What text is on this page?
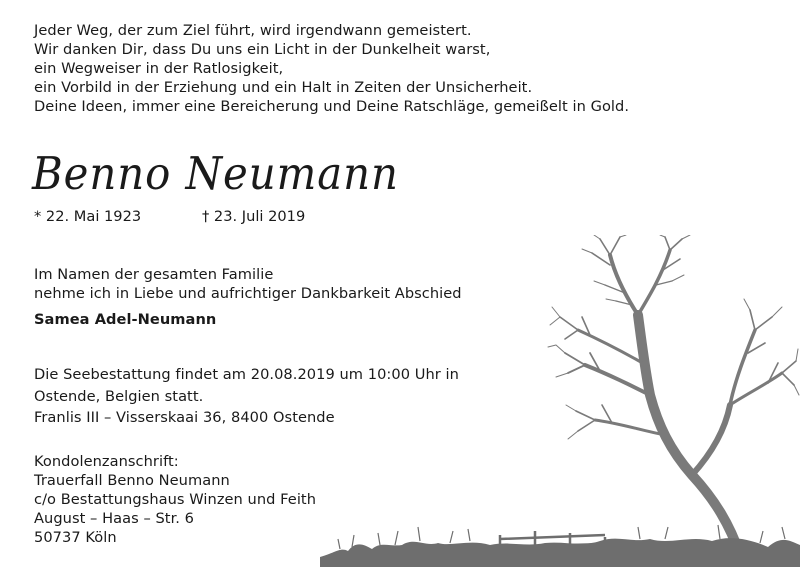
Jeder Weg, der zum Ziel führt, wird irgendwann gemeistert.
Wir danken Dir, dass Du uns ein Licht in der Dunkelheit warst,
ein Wegweiser in der Ratlosigkeit,
ein Vorbild in der Erziehung und ein Halt in Zeiten der Unsicherheit.
Deine Ideen, immer eine Bereicherung und Deine Ratschläge, gemeißelt in Gold.
Benno Neumann
* 22. Mai 1923	† 23. Juli 2019
Im Namen der gesamten Familie
nehme ich in Liebe und aufrichtiger Dankbarkeit Abschied
Samea Adel-Neumann
Die Seebestattung findet am 20.08.2019 um 10:00 Uhr in
Ostende, Belgien statt.
Franlis III – Visserskaai 36, 8400 Ostende
Kondolenzanschrift:
Trauerfall Benno Neumann
c/o Bestattungshaus Winzen und Feith
August – Haas – Str. 6
50737 Köln
